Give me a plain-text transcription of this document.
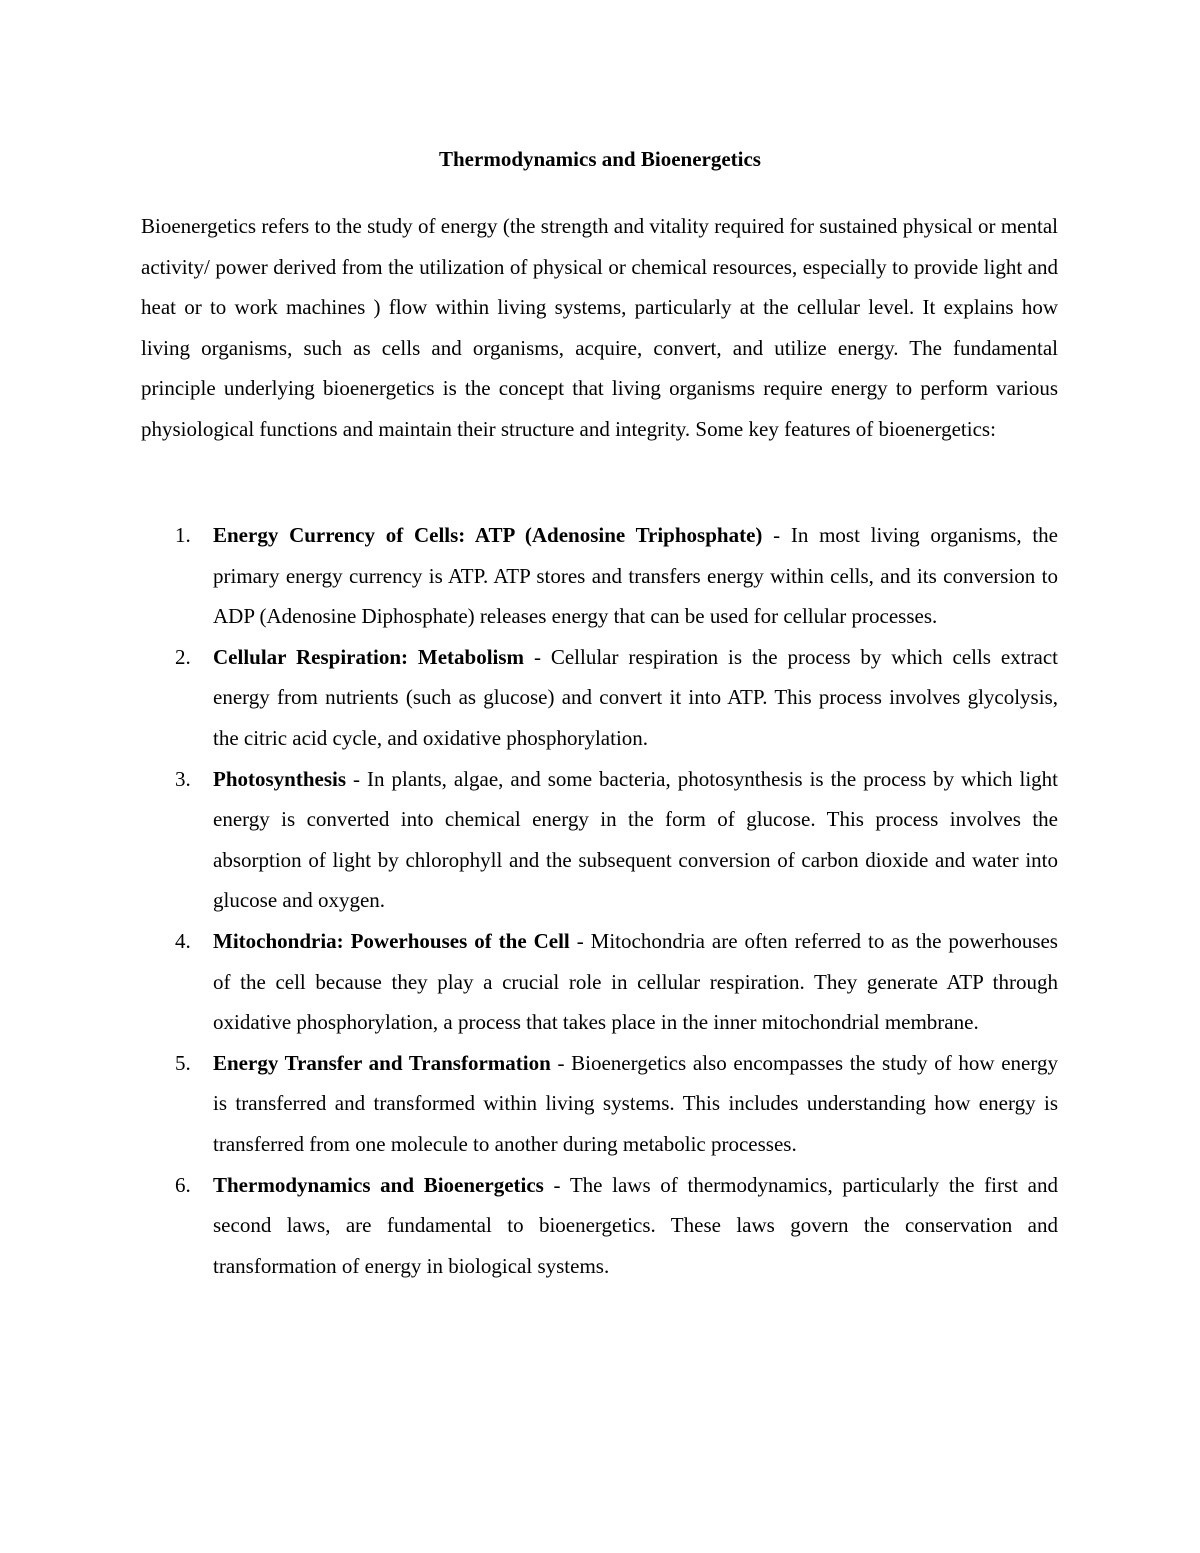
Thermodynamics and Bioenergetics

Bioenergetics refers to the study of energy (the strength and vitality required for sustained physical or mental activity/ power derived from the utilization of physical or chemical resources, especially to provide light and heat or to work machines ) flow within living systems, particularly at the cellular level. It explains how living organisms, such as cells and organisms, acquire, convert, and utilize energy. The fundamental principle underlying bioenergetics is the concept that living organisms require energy to perform various physiological functions and maintain their structure and integrity. Some key features of bioenergetics:

1. Energy Currency of Cells: ATP (Adenosine Triphosphate) - In most living organisms, the primary energy currency is ATP. ATP stores and transfers energy within cells, and its conversion to ADP (Adenosine Diphosphate) releases energy that can be used for cellular processes.
2. Cellular Respiration: Metabolism - Cellular respiration is the process by which cells extract energy from nutrients (such as glucose) and convert it into ATP. This process involves glycolysis, the citric acid cycle, and oxidative phosphorylation.
3. Photosynthesis - In plants, algae, and some bacteria, photosynthesis is the process by which light energy is converted into chemical energy in the form of glucose. This process involves the absorption of light by chlorophyll and the subsequent conversion of carbon dioxide and water into glucose and oxygen.
4. Mitochondria: Powerhouses of the Cell - Mitochondria are often referred to as the powerhouses of the cell because they play a crucial role in cellular respiration. They generate ATP through oxidative phosphorylation, a process that takes place in the inner mitochondrial membrane.
5. Energy Transfer and Transformation - Bioenergetics also encompasses the study of how energy is transferred and transformed within living systems. This includes understanding how energy is transferred from one molecule to another during metabolic processes.
6. Thermodynamics and Bioenergetics - The laws of thermodynamics, particularly the first and second laws, are fundamental to bioenergetics. These laws govern the conservation and transformation of energy in biological systems.
